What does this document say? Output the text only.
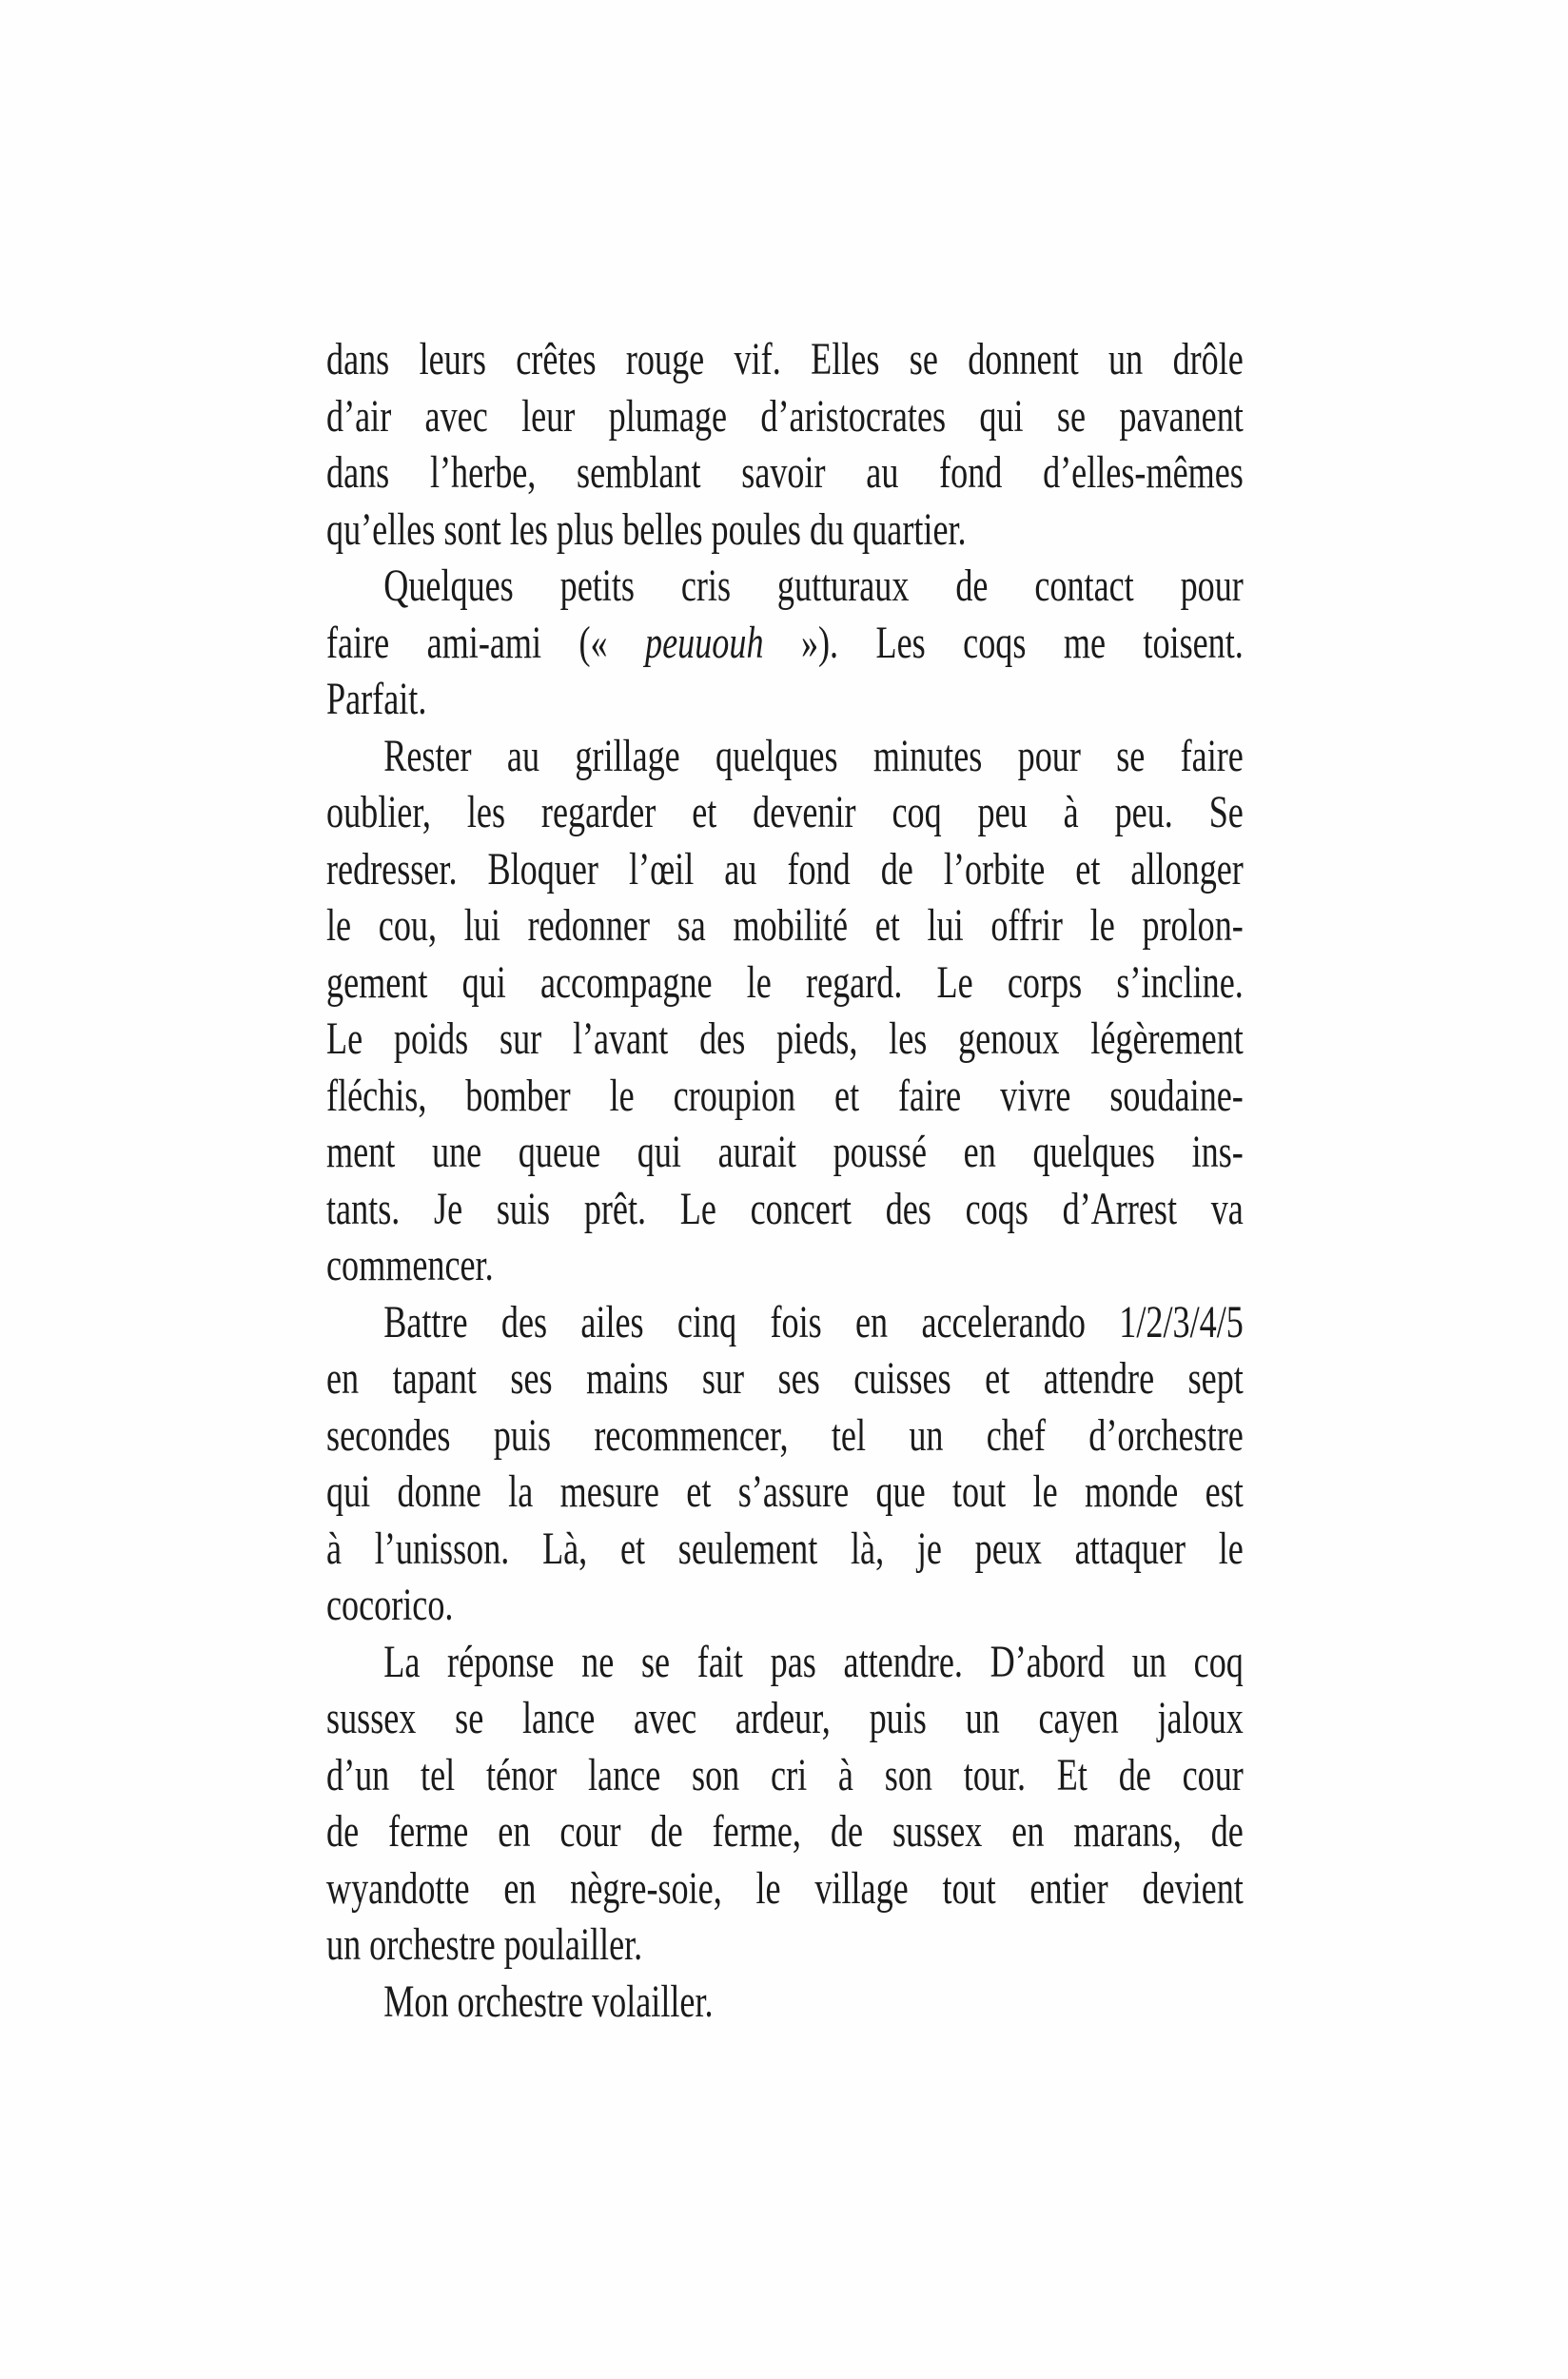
dans leurs crêtes rouge vif. Elles se donnent un drôle
d’air avec leur plumage d’aristocrates qui se pavanent
dans l’herbe, semblant savoir au fond d’elles-mêmes
qu’elles sont les plus belles poules du quartier.
Quelques petits cris gutturaux de contact pour
faire ami-ami (« peuuouh »). Les coqs me toisent.
Parfait.
Rester au grillage quelques minutes pour se faire
oublier, les regarder et devenir coq peu à peu. Se
redresser. Bloquer l’œil au fond de l’orbite et allonger
le cou, lui redonner sa mobilité et lui offrir le prolon-
gement qui accompagne le regard. Le corps s’incline.
Le poids sur l’avant des pieds, les genoux légèrement
fléchis, bomber le croupion et faire vivre soudaine-
ment une queue qui aurait poussé en quelques ins-
tants. Je suis prêt. Le concert des coqs d’Arrest va
commencer.
Battre des ailes cinq fois en accelerando 1/2/3/4/5
en tapant ses mains sur ses cuisses et attendre sept
secondes puis recommencer, tel un chef d’orchestre
qui donne la mesure et s’assure que tout le monde est
à l’unisson. Là, et seulement là, je peux attaquer le
cocorico.
La réponse ne se fait pas attendre. D’abord un coq
sussex se lance avec ardeur, puis un cayen jaloux
d’un tel ténor lance son cri à son tour. Et de cour
de ferme en cour de ferme, de sussex en marans, de
wyandotte en nègre-soie, le village tout entier devient
un orchestre poulailler.
Mon orchestre volailler.
